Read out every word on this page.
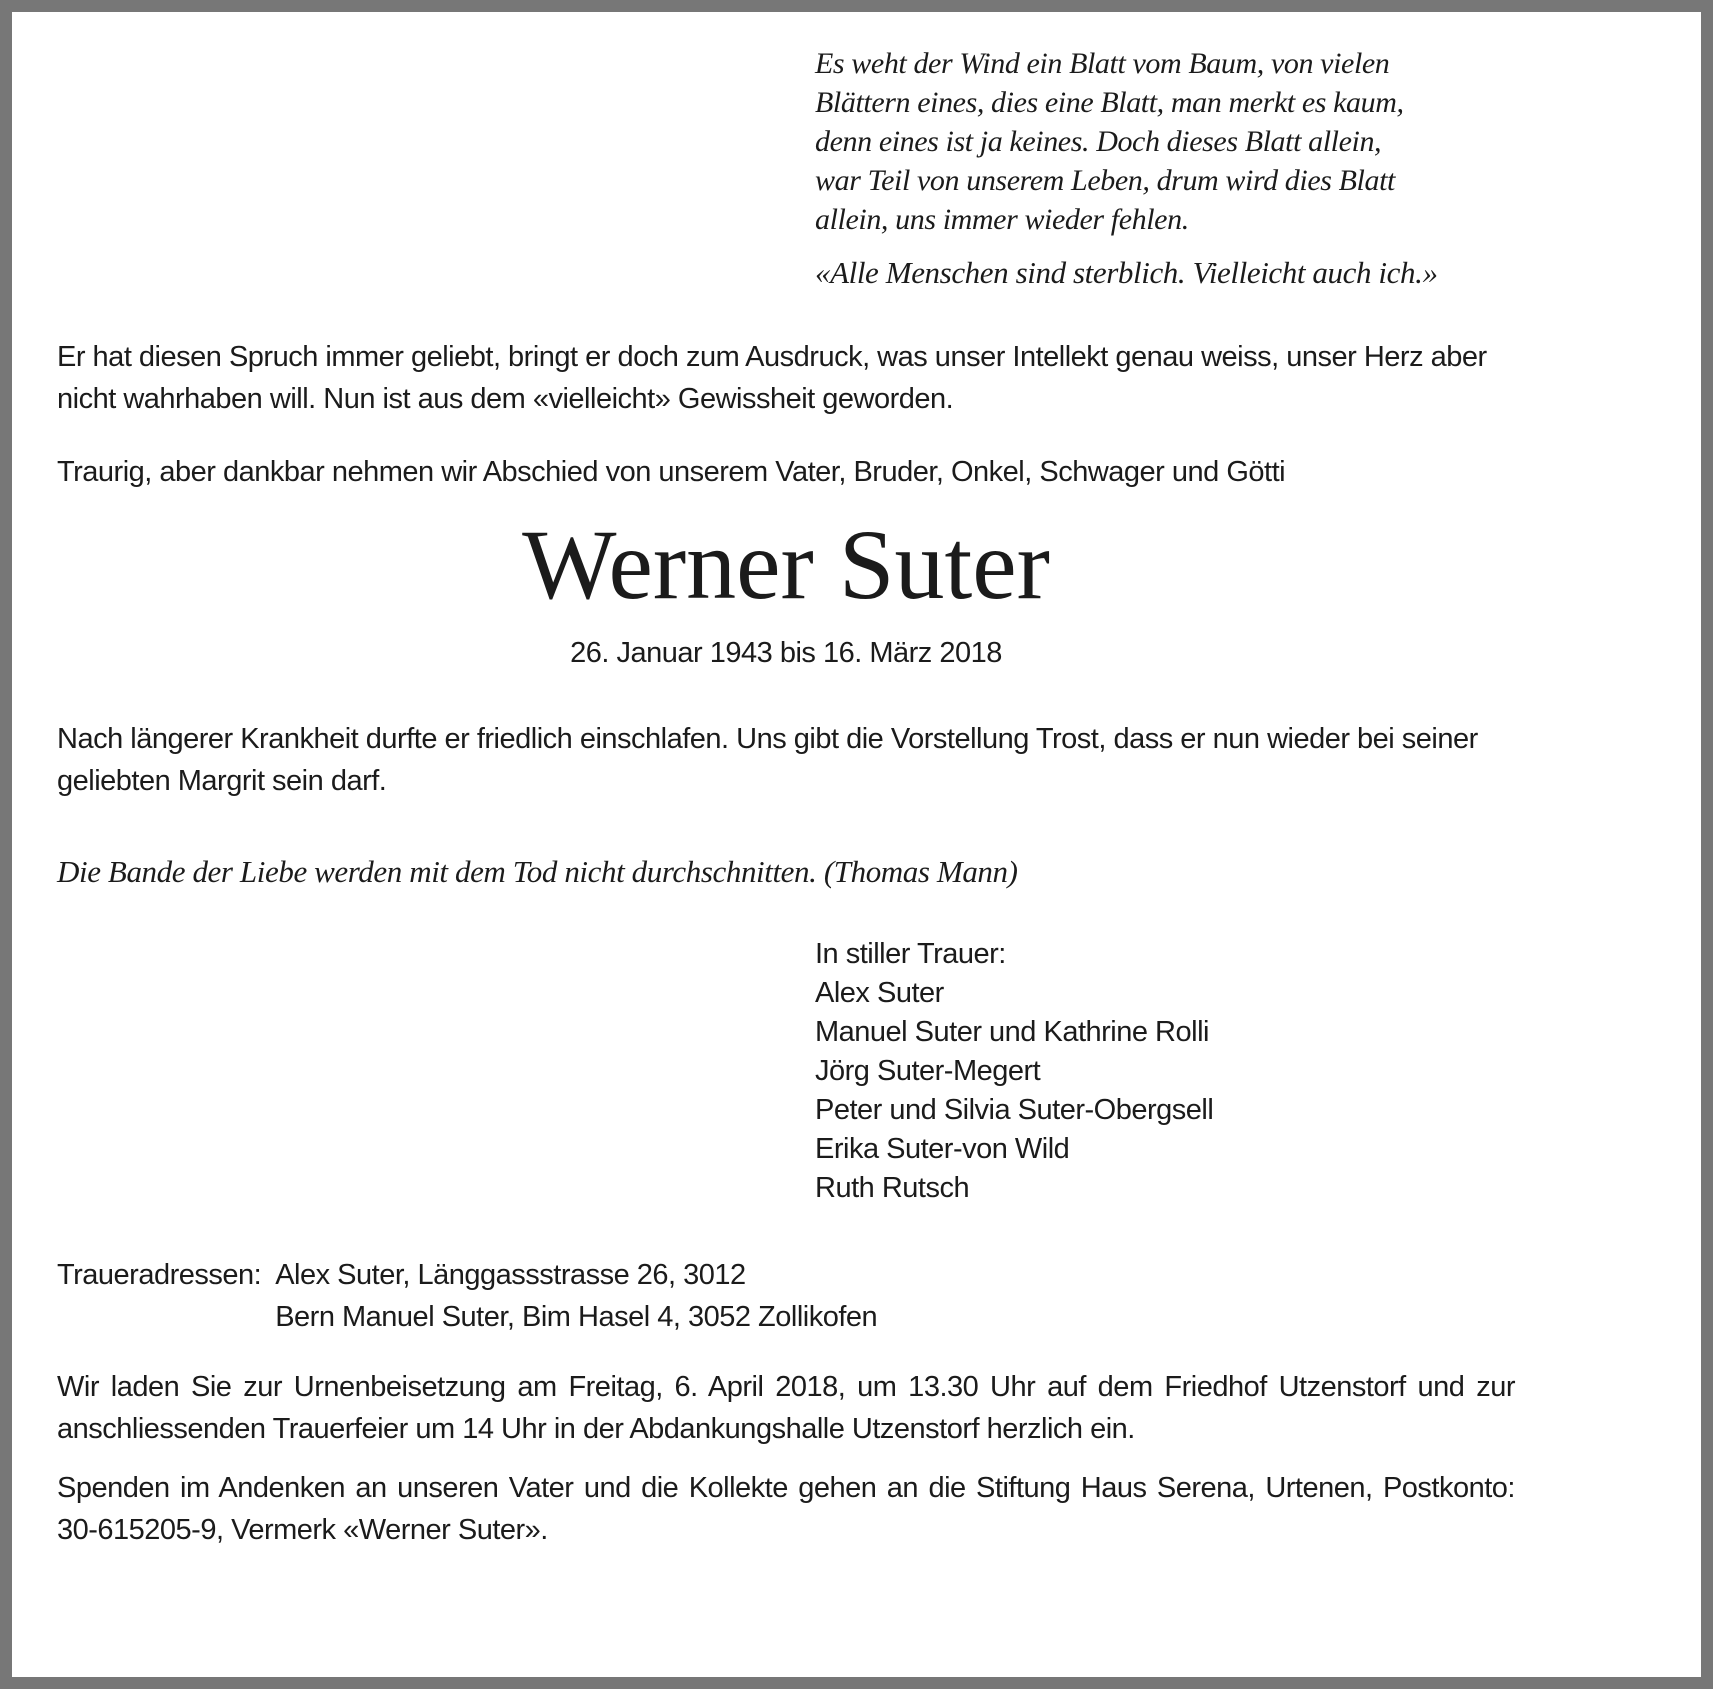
Es weht der Wind ein Blatt vom Baum, von vielen
Blättern eines, dies eine Blatt, man merkt es kaum,
denn eines ist ja keines. Doch dieses Blatt allein,
war Teil von unserem Leben, drum wird dies Blatt
allein, uns immer wieder fehlen.
«Alle Menschen sind sterblich. Vielleicht auch ich.»

Er hat diesen Spruch immer geliebt, bringt er doch zum Ausdruck, was unser Intellekt genau weiss, unser Herz aber nicht wahrhaben will. Nun ist aus dem «vielleicht» Gewissheit geworden.

Traurig, aber dankbar nehmen wir Abschied von unserem Vater, Bruder, Onkel, Schwager und Götti

Werner Suter
26. Januar 1943 bis 16. März 2018

Nach längerer Krankheit durfte er friedlich einschlafen. Uns gibt die Vorstellung Trost, dass er nun wieder bei seiner geliebten Margrit sein darf.

Die Bande der Liebe werden mit dem Tod nicht durchschnitten. (Thomas Mann)
In stiller Trauer:
Alex Suter
Manuel Suter und Kathrine Rolli
Jörg Suter-Megert
Peter und Silvia Suter-Obergsell
Erika Suter-von Wild
Ruth Rutsch
Traueradressen: Alex Suter, Länggassstrasse 26, 3012
Bern Manuel Suter, Bim Hasel 4, 3052 Zollikofen

Wir laden Sie zur Urnenbeisetzung am Freitag, 6. April 2018, um 13.30 Uhr auf dem Friedhof Utzenstorf und zur anschliessenden Trauerfeier um 14 Uhr in der Abdankungshalle Utzenstorf herzlich ein.

Spenden im Andenken an unseren Vater und die Kollekte gehen an die Stiftung Haus Serena, Urtenen, Postkonto: 30-615205-9, Vermerk «Werner Suter».
